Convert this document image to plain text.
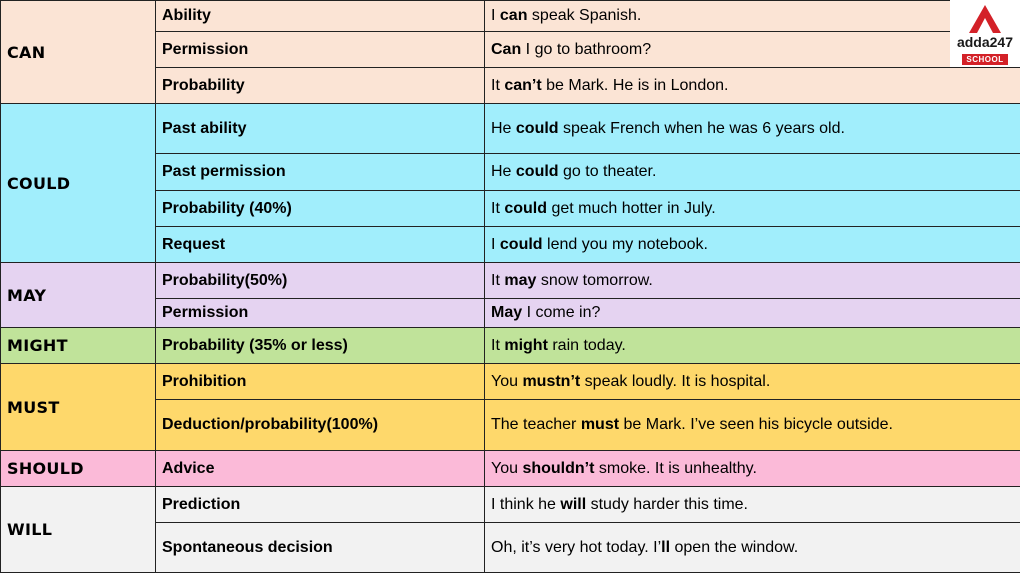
CAN	Ability	I can speak Spanish.
	Permission	Can I go to bathroom?
	Probability	It can’t be Mark. He is in London.
COULD	Past ability	He could speak French when he was 6 years old.
	Past permission	He could go to theater.
	Probability (40%)	It could get much hotter in July.
	Request	I could lend you my notebook.
MAY	Probability(50%)	It may snow tomorrow.
	Permission	May I come in?
MIGHT	Probability (35% or less)	It might rain today.
MUST	Prohibition	You mustn’t speak loudly. It is hospital.
	Deduction/probability(100%)	The teacher must be Mark. I’ve seen his bicycle outside.
SHOULD	Advice	You shouldn’t smoke. It is unhealthy.
WILL	Prediction	I think he will study harder this time.
	Spontaneous decision	Oh, it’s very hot today. I’ll open the window.
adda247
SCHOOL
